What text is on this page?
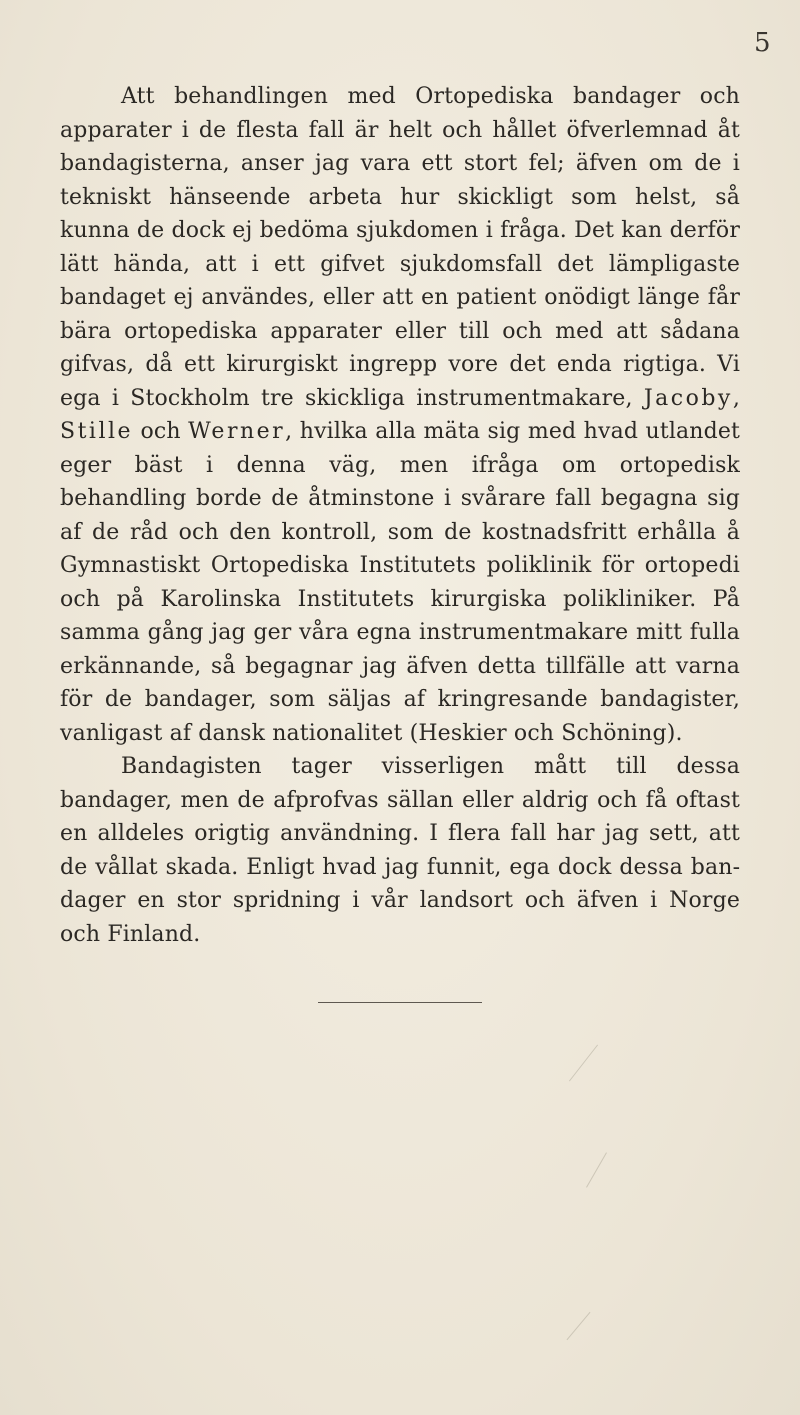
5

Att behandlingen med Ortopediska bandager och apparater i de flesta fall är helt och hållet öfverlemnad åt bandagisterna, anser jag vara ett stort fel; äfven om de i tekniskt hänseende arbeta hur skickligt som helst, så kunna de dock ej bedöma sjukdomen i fråga. Det kan derför lätt hända, att i ett gifvet sjukdomsfall det lämpligaste bandaget ej användes, eller att en patient onödigt länge får bära ortopediska apparater eller till och med att sådana gifvas, då ett kirurgiskt ingrepp vore det enda rigtiga. Vi ega i Stockholm tre skickliga instrumentmakare, Jacoby, Stille och Werner, hvilka alla mäta sig med hvad utlandet eger bäst i denna väg, men ifråga om ortopedisk behandling borde de åtminstone i svårare fall begagna sig af de råd och den kontroll, som de kostnadsfritt erhålla å Gymnastiskt Ortopediska Institutets poliklinik för ortopedi och på Karolinska Institutets kirurgiska polikliniker. På samma gång jag ger våra egna instrumentmakare mitt fulla erkännande, så begagnar jag äfven detta tillfälle att varna för de bandager, som säljas af kringresande bandagister, vanligast af dansk nationalitet (Heskier och Schöning).

Bandagisten tager visserligen mått till dessa bandager, men de afprofvas sällan eller aldrig och få oftast en alldeles origtig användning. I flera fall har jag sett, att de vållat skada. Enligt hvad jag funnit, ega dock dessa bandager en stor spridning i vår landsort och äfven i Norge och Finland.
